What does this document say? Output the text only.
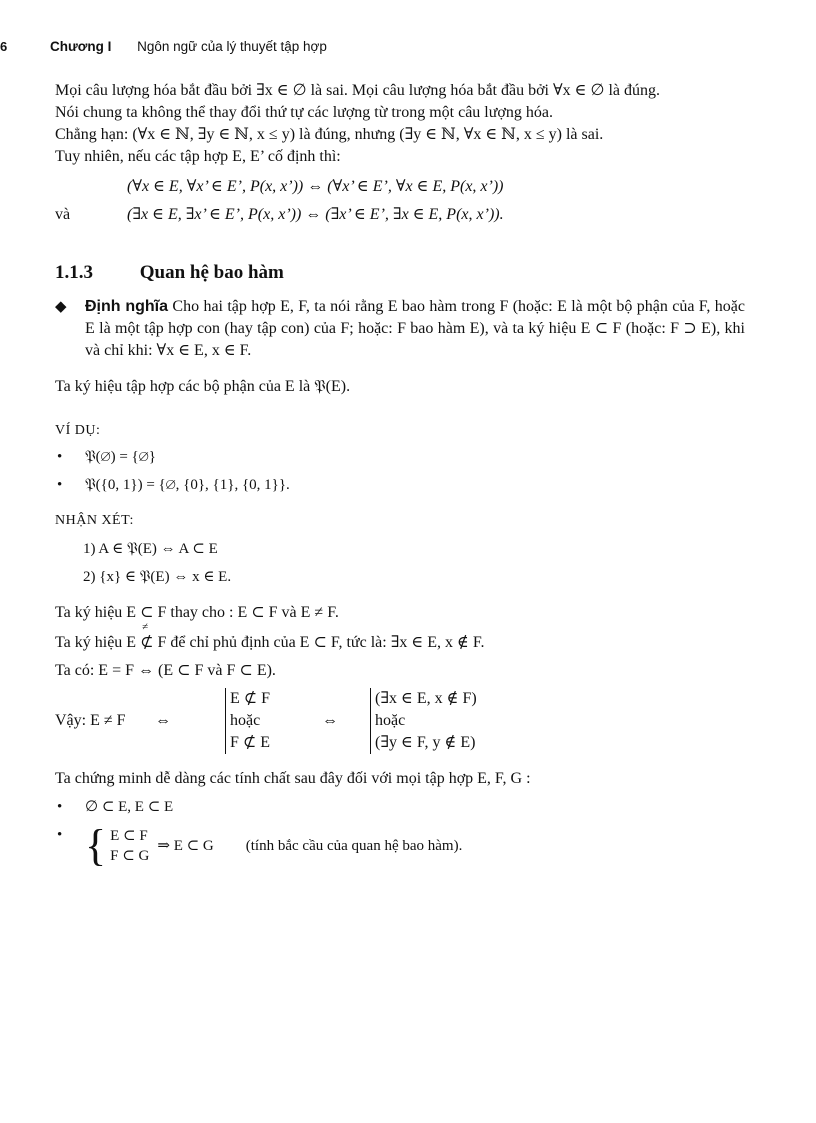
6	Chương I Ngôn ngữ của lý thuyết tập hợp

Mọi câu lượng hóa bắt đầu bởi ∃x ∈ ∅ là sai. Mọi câu lượng hóa bắt đầu bởi ∀x ∈ ∅ là đúng.

Nói chung ta không thể thay đổi thứ tự các lượng từ trong một câu lượng hóa.

Chẳng hạn: (∀x ∈ ℕ, ∃y ∈ ℕ, x ≤ y) là đúng, nhưng (∃y ∈ ℕ, ∀x ∈ ℕ, x ≤ y) là sai.

Tuy nhiên, nếu các tập hợp E, E’ cố định thì:

(∀x ∈ E, ∀x’ ∈ E’, P(x, x’)) ⇔ (∀x’ ∈ E’, ∀x ∈ E, P(x, x’))
và	(∃x ∈ E, ∃x’ ∈ E’, P(x, x’)) ⇔ (∃x’ ∈ E’, ∃x ∈ E, P(x, x’)).
1.1.3 Quan hệ bao hàm
◆ Định nghĩa Cho hai tập hợp E, F, ta nói rằng E bao hàm trong F (hoặc: E là một bộ phận của F, hoặc E là một tập hợp con (hay tập con) của F; hoặc: F bao hàm E), và ta ký hiệu E ⊂ F (hoặc: F ⊃ E), khi và chỉ khi: ∀x ∈ E, x ∈ F.

Ta ký hiệu tập hợp các bộ phận của E là 𝔓(E).

VÍ DỤ:

• 𝔓(∅) = {∅}
• 𝔓({0, 1}) = {∅, {0}, {1}, {0, 1}}.

NHẬN XÉT:

1) A ∈ 𝔓(E) ⇔ A ⊂ E

2) {x} ∈ 𝔓(E) ⇔ x ∈ E.

Ta ký hiệu E ⊂ ≠ F thay cho : E ⊂ F và E ≠ F.

Ta ký hiệu E ⊄ F để chỉ phủ định của E ⊂ F, tức là: ∃x ∈ E, x ∉ F.

Ta có: E = F ⇔ (E ⊂ F và F ⊂ E).

Vậy: E ≠ F	⇔
E ⊄ F
hoặc
F ⊄ E
⇔
(∃x ∈ E, x ∉ F)
hoặc
(∃y ∈ F, y ∉ E)

Ta chứng minh dễ dàng các tính chất sau đây đối với mọi tập hợp E, F, G :

• ∅ ⊂ E, E ⊂ E
• { E ⊂ F
F ⊂ G
⇒ E ⊂ G (tính bắc cầu của quan hệ bao hàm).
